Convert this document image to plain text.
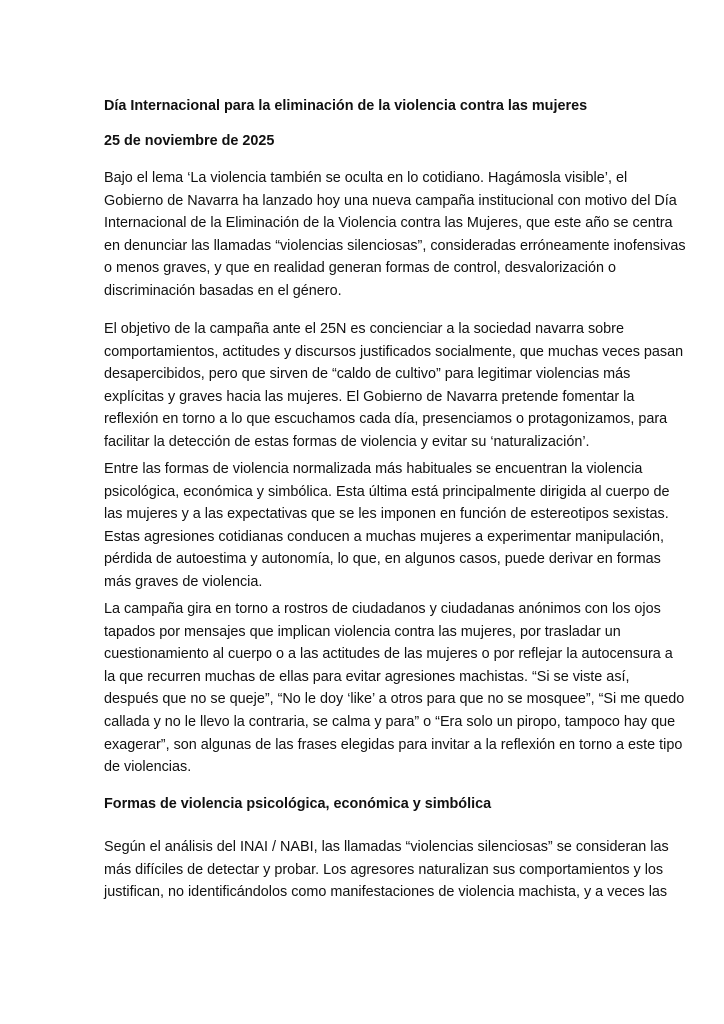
Día Internacional para la eliminación de la violencia contra las mujeres
25 de noviembre de 2025
Bajo el lema ‘La violencia también se oculta en lo cotidiano. Hagámosla visible’, el
Gobierno de Navarra ha lanzado hoy una nueva campaña institucional con motivo del Día
Internacional de la Eliminación de la Violencia contra las Mujeres, que este año se centra
en denunciar las llamadas “violencias silenciosas”, consideradas erróneamente inofensivas
o menos graves, y que en realidad generan formas de control, desvalorización o
discriminación basadas en el género.
El objetivo de la campaña ante el 25N es concienciar a la sociedad navarra sobre
comportamientos, actitudes y discursos justificados socialmente, que muchas veces pasan
desapercibidos, pero que sirven de “caldo de cultivo” para legitimar violencias más
explícitas y graves hacia las mujeres. El Gobierno de Navarra pretende fomentar la
reflexión en torno a lo que escuchamos cada día, presenciamos o protagonizamos, para
facilitar la detección de estas formas de violencia y evitar su ‘naturalización’.
Entre las formas de violencia normalizada más habituales se encuentran la violencia
psicológica, económica y simbólica. Esta última está principalmente dirigida al cuerpo de
las mujeres y a las expectativas que se les imponen en función de estereotipos sexistas.
Estas agresiones cotidianas conducen a muchas mujeres a experimentar manipulación,
pérdida de autoestima y autonomía, lo que, en algunos casos, puede derivar en formas
más graves de violencia.
La campaña gira en torno a rostros de ciudadanos y ciudadanas anónimos con los ojos
tapados por mensajes que implican violencia contra las mujeres, por trasladar un
cuestionamiento al cuerpo o a las actitudes de las mujeres o por reflejar la autocensura a
la que recurren muchas de ellas para evitar agresiones machistas. “Si se viste así,
después que no se queje”, “No le doy ‘like’ a otros para que no se mosquee”, “Si me quedo
callada y no le llevo la contraria, se calma y para” o “Era solo un piropo, tampoco hay que
exagerar”, son algunas de las frases elegidas para invitar a la reflexión en torno a este tipo
de violencias.
Formas de violencia psicológica, económica y simbólica
Según el análisis del INAI / NABI, las llamadas “violencias silenciosas” se consideran las
más difíciles de detectar y probar. Los agresores naturalizan sus comportamientos y los
justifican, no identificándolos como manifestaciones de violencia machista, y a veces las
